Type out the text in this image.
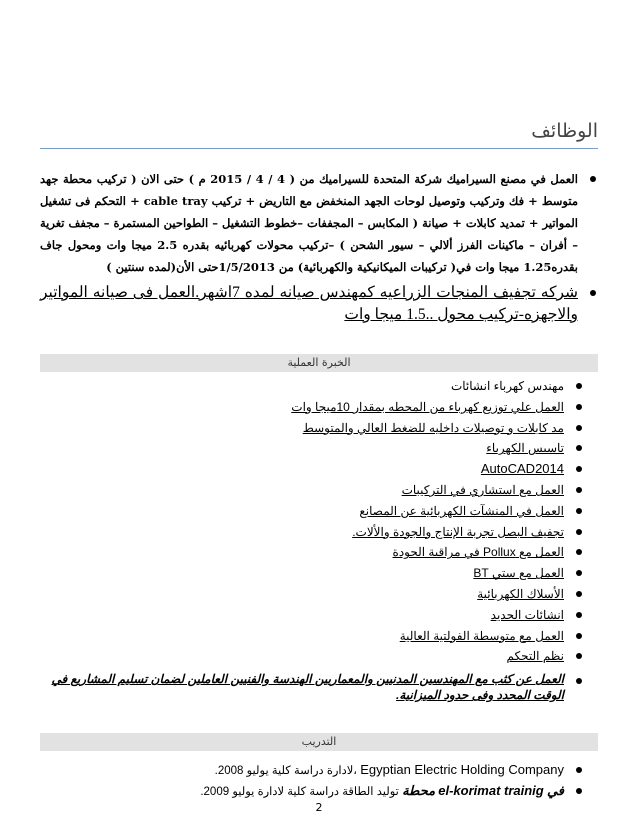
الوظائف
العمل في مصنع السيراميك شركة المتحدة للسيراميك من ( 4 / 4 / 2015 م ) حتى الان ( تركيب محطة جهد متوسط + فك وتركيب وتوصيل لوحات الجهد المنخفض مع التاريض + تركيب cable tray + التحكم فى تشغيل المواتير + تمديد كابلات + صيانة ( المكابس – المجففات –خطوط التشغيل – الطواحين المستمرة – مجفف تغرية – أفران – ماكينات الفرز ألالي – سيور الشحن ) –تركيب محولات كهربائيه بقدره 2.5 ميجا وات ومحول جاف بقدره1.25 ميجا وات في( تركيبات الميكانيكية والكهربائية) من 1/5/2013حتى الأن(لمده سنتين )
شركه تجفيف المنجات الزراعيه كمهندس صيانه لمده 7اشهر.العمل فى صيانه المواتير والاجهزه-تركيب محول ..1.5 ميجا وات
الخبرة العملية
مهندس كهرباء انشائات
العمل علي توزيع كهرباء من المحطه بمقدار 10ميجا وات
مد كابلات و توصيلات داخليه للضغط العالي والمتوسط
تاسيس الكهرباء
AutoCAD2014
العمل مع استشاري في التركيبات
العمل في المنشآت الكهربائية عن المصانع
تجفيف البصل تجربة الإنتاج والجودة والألات.
العمل مع Pollux في مراقبة الجودة
العمل مع ستي BT
الأسلاك الكهربائية
انشائات الحديد
العمل مع متوسطة الفولتية العالية
نظم التحكم
العمل عن كثب مع المهندسين المدنيين والمعماريين الهندسة والفنيين العاملين لضمان تسليم المشاريع في الوقت المحدد وفى حدود الميزانية.
التدريب
Egyptian Electric Holding Company ،لادارة دراسة كلية يوليو 2008.
في el-korimat trainig محطة توليد الطاقة دراسة كلية لادارة يوليو 2009.
2
